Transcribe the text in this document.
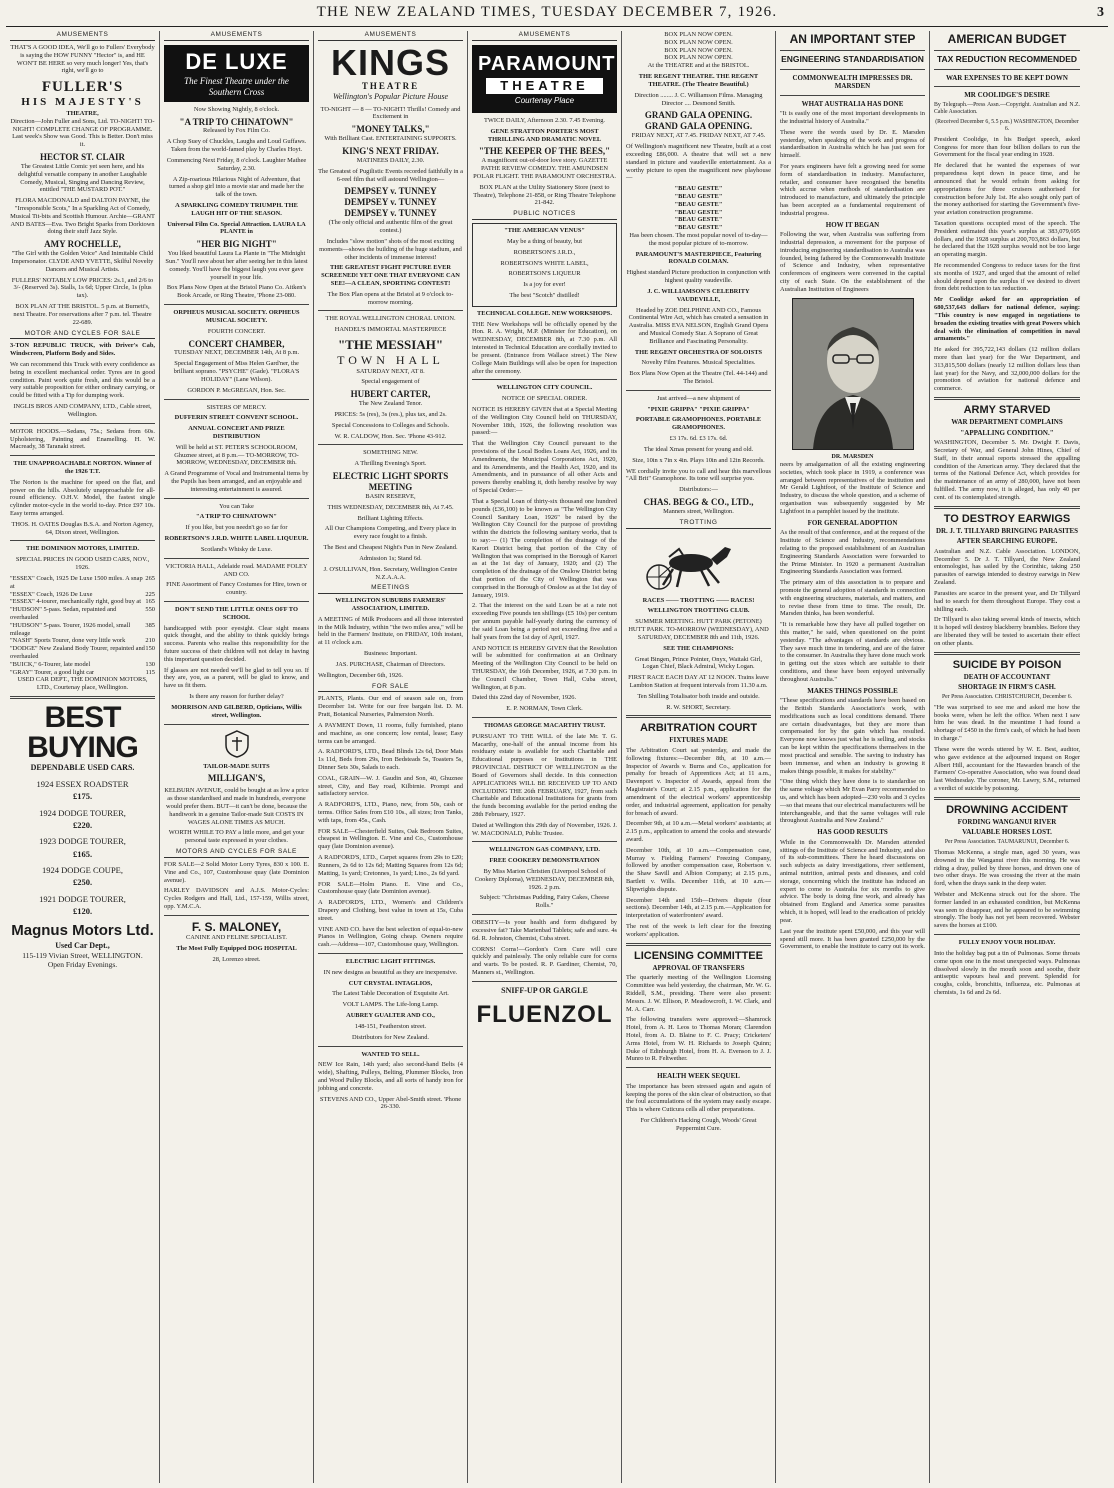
THE NEW ZEALAND TIMES, TUESDAY DECEMBER 7, 1926.	3
AMUSEMENTS

THAT'S A GOOD IDEA, We'll go to Fullers' Everybody is saying the HOW FUNNY "Hector" is, and HE WON'T BE HERE so very much longer! Yes, that's right, we'll go to

FULLER'S
HIS MAJESTY'S
THEATRE,

Direction—John Fuller and Sons, Ltd. TO-NIGHT! TO-NIGHT! COMPLETE CHANGE OF PROGRAMME. Last week's Show was Good. This is Better. Don't miss it.

HECTOR ST. CLAIR

The Greatest Little Comic yet seen here, and his delightful versatile company in another Laughable Comedy, Musical, Singing and Dancing Review, entitled "THE MUSTARD POT."

FLORA MACDONALD and DALTON PAYNE, the "Irresponsible Scots," In a Sparkling Act of Comedy, Musical Tit-bits and Scottish Humour. Archie—GRANT AND BATES—Eva. Two Bright Sparks from Dorktown doing their stuff Jazz Style.

AMY ROCHELLE,

"The Girl with the Golden Voice" And Inimitable Child Impersonator. CLYDE AND YVETTE, Skilful Novelty Dancers and Musical Artists.

FULLERS' NOTABLY LOW PRICES: 2s.1, and 2/6 to 3/- (Reserved 3s). Stalls, 1s 6d; Upper Circle, 1s (plus tax).

BOX PLAN AT THE BRISTOL. 5 p.m. at Burnett's, next Theatre. For reservations after 7 p.m. tel. Theatre 22-689.

MOTOR AND CYCLES FOR SALE

3-TON REPUBLIC TRUCK, with Driver's Cab, Windscreen, Platform Body and Sides.

We can recommend this Truck with every confidence as being in excellent mechanical order. Tyres are in good condition. Paint work quite fresh, and this would be a very suitable proposition for either ordinary carrying, or could be fitted with a Tip for dumping work.

INGLIS BROS AND COMPANY, LTD., Cable street, Wellington.

MOTOR HOODS.—Sedans, 75s.; Sedans from 60s. Upholstering, Painting and Enamelling. H. W. Macready, 38 Taranaki street.

THE UNAPPROACHABLE NORTON. Winner of the 1926 T.T.

The Norton is the machine for speed on the flat, and power on the hills. Absolutely unapproachable for all-round efficiency. O.H.V. Model, the fastest single cylinder motor-cycle in the world to-day. Price £97 10s. Easy terms arranged.

THOS. H. OATES Douglas B.S.A. and Norton Agency, 64, Dixon street, Wellington.

THE DOMINION MOTORS, LIMITED.

SPECIAL PRICES IN GOOD USED CARS, NOV., 1926.

"ESSEX" Coach, 1925 De Luxe 1500 miles. A snap at
265
"ESSEX" Coach, 1926 De Luxe	225
"ESSEX" 4-tourer, mechanically right, good buy at 165
"HUDSON" 5-pass. Sedan, repainted and overhauled
550
"HUDSON" 5-pass. Tourer, 1926 model, small mileage
385
"NASH" Sports Tourer, done very little work	210
"DODGE" New Zealand Body Tourer, repainted and overhauled
150
"BUICK," 6-Tourer, late model	130
"GRAY" Tourer, a good light car	115

USED CAR DEPT., THE DOMINION MOTORS, LTD., Courtenay place, Wellington.

BEST BUYING
DEPENDABLE USED CARS.
1924 ESSEX ROADSTER
£175.
1924 DODGE TOURER,
£220.
1923 DODGE TOURER,
£165.
1924 DODGE COUPE,
£250.
1921 DODGE TOURER,
£120.
Magnus Motors Ltd.
Used Car Dept.,
115-119 Vivian Street, WELLINGTON.
Open Friday Evenings.
AMUSEMENTS
DE LUXE
The Finest Theatre under the Southern Cross

Now Showing Nightly, 8 o'clock.

"A TRIP TO CHINATOWN"

Released by Fox Film Co.

A Chop Suey of Chuckles, Laughs and Loud Guffaws. Taken from the world-famed play by Charles Hoyt.

Commencing Next Friday, 8 o'clock. Laughter Mathee Saturday, 2.30.

A Zip-roarious Hilarious Night of Adventure, that turned a shop girl into a movie star and made her the talk of the town.

A SPARKLING COMEDY TRIUMPH. THE LAUGH HIT OF THE SEASON.

Universal Film Co. Special Attraction. LAURA LA PLANTE in

"HER BIG NIGHT"

You liked beautiful Laura La Plante in "The Midnight Sun." You'll rave about her after seeing her in this latest comedy. You'll have the biggest laugh you ever gave yourself in your life.

Box Plans Now Open at the Bristol Piano Co. Aitken's Book Arcade, or Ring Theatre, 'Phone 23-080.

ORPHEUS MUSICAL SOCIETY. ORPHEUS MUSICAL SOCIETY.

FOURTH CONCERT.

CONCERT CHAMBER,

TUESDAY NEXT, DECEMBER 14th, At 8 p.m.

Special Engagement of Miss Helen Gard'ner, the brilliant soprano. "PSYCHE" (Gade). "FLORA'S HOLIDAY" (Lane Wilson).

GORDON P. McGREGAN, Hon. Sec.

SISTERS OF MERCY.

DUFFERIN STREET CONVENT SCHOOL.

ANNUAL CONCERT AND PRIZE DISTRIBUTION

Will be held at ST. PETER'S SCHOOLROOM, Ghuznee street, at 8 p.m.— TO-MORROW, TO-MORROW, WEDNESDAY, DECEMBER 8th.

A Grand Programme of Vocal and Instrumental items by the Pupils has been arranged, and an enjoyable and interesting entertainment is assured.

You can Take

"A TRIP TO CHINATOWN"

If you like, but you needn't go so far for

ROBERTSON'S J.R.D. WHITE LABEL LIQUEUR.

Scotland's Whisky de Luxe.

VICTORIA HALL, Adelaide road. MADAME FOLEY AND CO.

FINE Assortment of Fancy Costumes for Hire, town or country.

DON'T SEND THE LITTLE ONES OFF TO SCHOOL

handicapped with poor eyesight. Clear sight means quick thought, and the ability to think quickly brings success. Parents who realise this responsibility for the future success of their children will not delay in having this important question decided.

If glasses are not needed we'll be glad to tell you so. If they are, you, as a parent, will be glad to know, and have us fit them.

Is there any reason for further delay?

MORRISON AND GILBERD, Opticians, Willis street, Wellington.

TAILOR-MADE SUITS

MILLIGAN'S,

KELBURN AVENUE, could be bought at as low a price as those standardised and made in hundreds, everyone would prefer them. BUT—it can't be done, because the handiwork in a genuine Tailor-made Suit COSTS IN WAGES ALONE TIMES AS MUCH.

WORTH WHILE TO PAY a little more, and get your personal taste expressed in your clothes.

MOTORS AND CYCLES FOR SALE

FOR SALE—2 Solid Motor Lorry Tyres, 830 x 100. E. Vine and Co., 107, Customhouse quay (late Dominion avenue).

HARLEY DAVIDSON and A.J.S. Motor-Cycles: Cycles Rodgers and Hall, Ltd., 157-159, Willis street, opp. Y.M.C.A.

F. S. MALONEY,

CANINE AND FELINE SPECIALIST.

The Most Fully Equipped DOG HOSPITAL

28, Lorenzo street.

AMUSEMENTS
KINGS
THEATRE
Wellington's Popular Picture House

TO-NIGHT — 8 — TO-NIGHT! Thrills! Comedy and Excitement in

"MONEY TALKS,"

With Brilliant Cast. ENTERTAINING SUPPORTS.

KING'S NEXT FRIDAY.

MATINEES DAILY, 2.30.

The Greatest of Pugilistic Events recorded faithfully in a 6-reel film that will astound Wellington—

DEMPSEY v. TUNNEY
DEMPSEY v. TUNNEY
DEMPSEY v. TUNNEY

(The only official and authentic film of the great contest.)

Includes "slow motion" shots of the most exciting moments—shows the building of the huge stadium, and other incidents of immense interest!

THE GREATEST FIGHT PICTURE EVER SCREENED! YET ONE THAT EVERYONE CAN SEE!—A CLEAN, SPORTING CONTEST!

The Box Plan opens at the Bristol at 9 o'clock to-morrow morning.

THE ROYAL WELLINGTON CHORAL UNION.

HANDEL'S IMMORTAL MASTERPIECE

"THE MESSIAH"
TOWN HALL

SATURDAY NEXT, AT 8.

Special engagement of

HUBERT CARTER,

The New Zealand Tenor.

PRICES: 5s (res), 3s (res.), plus tax, and 2s.

Special Concessions to Colleges and Schools.

W. R. CALDOW, Hon. Sec. 'Phone 43-912.

SOMETHING NEW.

A Thrilling Evening's Sport.

ELECTRIC LIGHT SPORTS MEETING

BASIN RESERVE,

THIS WEDNESDAY, DECEMBER 8th, At 7.45.

Brilliant Lighting Effects.

All Our Champions Competing, and Every place in every race fought to a finish.

The Best and Cheapest Night's Fun in New Zealand.

Admission 1s; Stand 6d.

J. O'SULLIVAN, Hon. Secretary, Wellington Centre N.Z.A.A.A.

MEETINGS

WELLINGTON SUBURBS FARMERS' ASSOCIATION, LIMITED.

A MEETING of Milk Producers and all those interested in the Milk Industry, within "the two miles area," will be held in the Farmers' Institute, on FRIDAY, 10th instant, at 11 o'clock a.m.

Business: Important.

JAS. PURCHASE, Chairman of Directors.

Wellington, December 6th, 1926.

FOR SALE

PLANTS, Plants. Our end of season sale on, from December 1st. Write for our free bargain list. D. M. Pratt, Botanical Nurseries, Palmerston North.

A PAYMENT Down, 11 rooms, fully furnished, piano and machine, as one concern; low rental, lease; Easy terms can be arranged.

A. RADFORD'S, LTD., Bead Blinds 12s 6d, Door Mats 1s 11d, Beds from 29s, Iron Bedsteads 5s, Toasters 5s, Dinner Sets 30s, Salads to each.

COAL, GRAIN—W. J. Gaudin and Son, 40, Ghuznee street, City, and Bay road, Kilbirnie. Prompt and satisfactory service.

A RADFORD'S, LTD., Piano, new, from 50s, cash or terms. Office Safes from £10 10s., all sizes; Iron Tanks, with taps, from 45s., Cash.

FOR SALE—Chesterfield Suites, Oak Bedroom Suites, cheapest in Wellington. E. Vine and Co., Customhouse quay (late Dominion avenue).

A RADFORD'S, LTD., Carpet squares from 29s to £20; Runners, 2s 6d to 12s 6d; Matting Squares from 12s 6d; Matting, 1s yard; Cretonnes, 1s yard; Lino., 2s 6d yard.

FOR SALE—Holm Piano. E. Vine and Co., Customhouse quay (late Dominion avenue).

A RADFORD'S, LTD., Women's and Children's Drapery and Clothing, best value in town at 15s, Cuba street.

VINE AND CO. have the best selection of equal-to-new Pianos in Wellington, Going cheap. Owners require cash.—Address—107, Customhouse quay, Wellington.

ELECTRIC LIGHT FITTINGS.

IN new designs as beautiful as they are inexpensive.

CUT CRYSTAL INTAGLIOS,

The Latest Table Decoration of Exquisite Art.

VOLT LAMPS. The Life-long Lamp.

AUBREY GUALTER AND CO.,

148-151, Featherston street.

Distributors for New Zealand.

WANTED TO SELL.

NEW Ice Rain, 14th yard; also second-hand Belts (4 wide), Shafting, Pulleys, Belting, Plummer Blocks, Iron and Wood Pulley Blocks, and all sorts of handy iron for jobbing and concrete.

STEVENS AND CO., Upper Abel-Smith street. 'Phone 26-330.

AMUSEMENTS
PARAMOUNT
THEATRE
Courtenay Place

TWICE DAILY, Afternoon 2.30. 7.45 Evening.

GENE STRATTON PORTER'S MOST THRILLING AND DRAMATIC NOVEL

"THE KEEPER OF THE BEES,"

A magnificent out-of-door love story. GAZETTE PATHE REVIEW COMEDY. THE AMUNDSEN POLAR FLIGHT. THE PARAMOUNT ORCHESTRA.

BOX PLAN at the Utility Stationery Store (next to Theatre), Telephone 21-858, or Ring Theatre Telephone 21-842.

PUBLIC NOTICES

"THE AMERICAN VENUS"

May be a thing of beauty, but

ROBERTSON'S J.R.D.,

ROBERTSON'S WHITE LABEL,

ROBERTSON'S LIQUEUR

Is a joy for ever!

The best "Scotch" distilled!

TECHNICAL COLLEGE. NEW WORKSHOPS.

THE New Workshops will be officially opened by the Hon. R. A. Wright, M.P. (Minister for Education), on WEDNESDAY, DECEMBER 8th, at 7.30 p.m. All interested in Technical Education are cordially invited to be present. (Entrance from Wallace street.) The New College Main Buildings will also be open for inspection after the ceremony.

WELLINGTON CITY COUNCIL.

NOTICE OF SPECIAL ORDER.

NOTICE IS HEREBY GIVEN that at a Special Meeting of the Wellington City Council held on THURSDAY, November 18th, 1926, the following resolution was passed:—

That the Wellington City Council pursuant to the provisions of the Local Bodies Loans Act, 1926, and its Amendments, the Municipal Corporations Act, 1920, and its Amendments, and the Health Act, 1920, and its Amendments, and in pursuance of all other Acts and powers thereby enabling it, doth hereby resolve by way of Special Order:—

That a Special Loan of thirty-six thousand one hundred pounds (£36,100) to be known as "The Wellington City Council Sanitary Loan, 1926" be raised by the Wellington City Council for the purpose of providing within the districts the following sanitary works, that is to say:— (1) The completion of the drainage of the Karori District being that portion of the City of Wellington that was comprised in the Borough of Karori as at the 1st day of January, 1920; and (2) The completion of the drainage of the Onslow District being that portion of the City of Wellington that was comprised in the Borough of Onslow as at the 1st day of January, 1919.

2. That the interest on the said Loan be at a rate not exceeding Five pounds ten shillings (£5 10s) per centum per annum payable half-yearly during the currency of the said Loan being a period not exceeding five and a half years from the 1st day of April, 1927.

AND NOTICE IS HEREBY GIVEN that the Resolution will be submitted for confirmation at an Ordinary Meeting of the Wellington City Council to be held on THURSDAY, the 16th December, 1926, at 7.30 p.m. in the Council Chamber, Town Hall, Cuba street, Wellington, at 8 p.m.

Dated this 22nd day of November, 1926.

E. P. NORMAN, Town Clerk.

THOMAS GEORGE MACARTHY TRUST.

PURSUANT TO THE WILL of the late Mr. T. G. Macarthy, one-half of the annual income from his residuary estate is available for such Charitable and Educational purposes or Institutions in THE PROVINCIAL DISTRICT OF WELLINGTON as the Board of Governors shall decide. In this connection APPLICATIONS WILL BE RECEIVED UP TO AND INCLUDING THE 26th FEBRUARY, 1927, from such Charitable and Educational Institutions for grants from the funds becoming available for the period ending the 28th February, 1927.

Dated at Wellington this 29th day of November, 1926. J. W. MACDONALD, Public Trustee.

WELLINGTON GAS COMPANY, LTD.

FREE COOKERY DEMONSTRATION

By Miss Marion Christien (Liverpool School of Cookery Diploma), WEDNESDAY, DECEMBER 8th, 1926. 2 p.m.

Subject: "Christmas Pudding, Fairy Cakes, Cheese Rolls."

OBESITY—Is your health and form disfigured by excessive fat? Take Marienbad Tablets; safe and sure. 4s 6d. R. Johnston, Chemist, Cuba street.

CORNS! Corns!—Gordon's Corn Cure will cure quickly and painlessly. The only reliable cure for corns and warts. To be posted. R. P. Gardiner, Chemist, 70, Manners st., Wellington.

SNIFF-UP OR GARGLE
FLUENZOL
BOX PLAN NOW OPEN.
BOX PLAN NOW OPEN.
BOX PLAN NOW OPEN.
BOX PLAN NOW OPEN.

At the THEATRE and at the BRISTOL.

THE REGENT THEATRE. THE REGENT THEATRE. (The Theatre Beautiful.)

Direction ........ J. C. Williamson Films. Managing Director .... Desmond Smith.

GRAND GALA OPENING.
GRAND GALA OPENING.

FRIDAY NEXT, AT 7.45. FRIDAY NEXT, AT 7.45.

Of Wellington's magnificent new Theatre, built at a cost exceeding £86,000. A theatre that will set a new standard in picture and vaudeville entertainment. As a worthy picture to open the magnificent new playhouse—

"BEAU GESTE"
"BEAU GESTE"
"BEAU GESTE"
"BEAU GESTE"
"BEAU GESTE"
"BEAU GESTE"

Has been chosen. The most popular novel of to-day—the most popular picture of to-morrow.

PARAMOUNT'S MASTERPIECE, Featuring RONALD COLMAN.

Highest standard Picture production in conjunction with highest quality vaudeville.

J. C. WILLIAMSON'S CELEBRITY VAUDEVILLE,

Headed by ZOE DELPHINE AND CO., Famous Continental Wire Act, which has created a sensation in Australia. MISS EVA NELSON, English Grand Opera and Musical Comedy Star. A Soprano of Great Brilliance and Fascinating Personality.

THE REGENT ORCHESTRA OF SOLOISTS

Novelty Film Features. Musical Specialities.

Box Plans Now Open at the Theatre (Tel. 44-144) and The Bristol.

Just arrived—a new shipment of

"PIXIE GRIPPA" "PIXIE GRIPPA"

PORTABLE GRAMOPHONES. PORTABLE GRAMOPHONES.

£3 17s. 6d. £3 17s. 6d.

The ideal Xmas present for young and old.

Size, 10in x 7in x 4in. Plays 10in and 12in Records.

WE cordially invite you to call and hear this marvellous "All Brit" Gramophone. Its tone will surprise you.

Distributors:—

CHAS. BEGG & CO., LTD.,

Manners street, Wellington.

TROTTING

RACES —— TROTTING —— RACES!

WELLINGTON TROTTING CLUB.

SUMMER MEETING. HUTT PARK (PETONE) HUTT PARK. TO-MORROW (WEDNESDAY), AND SATURDAY, DECEMBER 8th and 11th, 1926.

SEE THE CHAMPIONS:

Great Bingen, Prince Pointer, Onyx, Waitaki Girl, Logan Chief, Black Admiral, Wicky Logan.

FIRST RACE EACH DAY AT 12 NOON. Trains leave Lambton Station at frequent intervals from 11.30 a.m.

Ten Shilling Totalisator both inside and outside.

R. W. SHORT, Secretary.

ARBITRATION COURT
FIXTURES MADE

The Arbitration Court sat yesterday, and made the following fixtures:—December 8th, at 10 a.m.—Inspector of Awards v. Burns and Co., application for penalty for breach of Apprentices Act; at 11 a.m., Davenport v. Inspector of Awards, appeal from the Magistrate's Court; at 2.15 p.m., application for the amendment of the electrical workers' apprenticeship order, and industrial agreement, application for penalty for breach of award.

December 9th, at 10 a.m.—Metal workers' assistants; at 2.15 p.m., application to amend the cooks and stewards' award.

December 10th, at 10 a.m.—Compensation case, Murray v. Fielding Farmers' Freezing Company, followed by another compensation case, Robertson v. the Shaw Savill and Albion Company; at 2.15 p.m., Bartlett v. Wills. December 11th, at 10 a.m.—Slipwrights dispute.

December 14th and 15th—Drivers dispute (four sections). December 14th, at 2.15 p.m.—Application for interpretation of waterfronters' award.

The rest of the week is left clear for the freezing workers' application.

LICENSING COMMITTEE
APPROVAL OF TRANSFERS

The quarterly meeting of the Wellington Licensing Committee was held yesterday, the chairman, Mr. W. G. Riddell, S.M., presiding. There were also present: Messrs. J. W. Ellison, P. Meadowcroft, I. W. Clark, and M. A. Carr.

The following transfers were approved:—Shamrock Hotel, from A. H. Leos to Thomas Moran; Clarendon Hotel, from A. D. Blaine to F. C. Pracy; Cricketers' Arms Hotel, from W. H. Richards to Joseph Quinn; Duke of Edinburgh Hotel, from H. A. Evenson to J. J. Munro to R. Feltwether.

HEALTH WEEK SEQUEL

The importance has been stressed again and again of keeping the pores of the skin clear of obstruction, so that the foul accumulations of the system may easily escape. This is where Cuticura cells all other preparations.

For Children's Hacking Cough, Woods' Great Peppermint Cure.

AN IMPORTANT STEP
ENGINEERING STANDARDISATION
COMMONWEALTH IMPRESSES DR. MARSDEN
WHAT AUSTRALIA HAS DONE

"It is easily one of the most important developments in the industrial history of Australia."

These were the words used by Dr. E. Marsden yesterday, when speaking of the work and progress of standardisation in Australia which he has just seen for himself.

For years engineers have felt a growing need for some form of standardisation in industry. Manufacturer, retailer, and consumer have recognised the benefits which accrue when methods of standardisation are introduced to manufacture, and ultimately the principle has been accepted as a fundamental requirement of industrial progress.

HOW IT BEGAN

Following the war, when Australia was suffering from industrial depression, a movement for the purpose of introducing engineering standardisation to Australia was founded, being fathered by the Commonwealth Institute of Science and Industry, when representative conferences of engineers were convened in the capital city of each State. On the establishment of the Australian Institution of Engineers

DR. MARSDEN

neers by amalgamation of all the existing engineering societies, which took place in 1919, a conference was arranged between representatives of the institution and Mr Gerald Lightfoot, of the Institute of Science and Industry, to discuss the whole question, and a scheme of organisation was subsequently suggested by Mr Lightfoot in a pamphlet issued by the institute.

FOR GENERAL ADOPTION

As the result of that conference, and at the request of the Institute of Science and Industry, recommendations relating to the proposed establishment of an Australian Engineering Standards Association were forwarded to the Prime Minister. In 1920 a permanent Australian Engineering Standards Association was formed.

The primary aim of this association is to prepare and promote the general adoption of standards in connection with engineering structures, materials, and matters, and to revise these from time to time. The result, Dr. Marsden thinks, has been wonderful.

"It is remarkable how they have all pulled together on this matter," he said, when questioned on the point yesterday. "The advantages of standards are obvious. They save much time in tendering, and are of the fairer to the consumer. In Australia they have done much work in getting out the sizes which are suitable to their conditions, and these have been enjoyed universally throughout Australia."

MAKES THINGS POSSIBLE

"These specifications and standards have been based on the British Standards Association's work, with modifications such as local conditions demand. There are certain disadvantages, but they are more than compensated for by the gain which has resulted. Everyone now knows just what he is selling, and stocks can be kept within the specifications themselves in the most practical and sensible. The saving to industry has been immense, and when an industry is growing it makes things possible, it makes for stability."

"One thing which they have done is to standardise on the same voltage which Mr Evan Parry recommended to us, and which has been adopted—230 volts and 3 cycles—so that means that our electrical manufacturers will be interchangeable, and that the same voltages will rule throughout Australia and New Zealand."

HAS GOOD RESULTS

While in the Commonwealth Dr. Marsden attended sittings of the Institute of Science and Industry, and also of its sub-committees. There he heard discussions on such subjects as dairy investigations, river settlement, animal nutrition, animal pests and diseases, and cold storage, concerning which the institute has induced an expert to come to Australia for six months to give advice. The body is doing fine work, and already has obtained from England and America some parasites which, it is hoped, will lead to the eradication of prickly pear.

Last year the institute spent £50,000, and this year will spend still more. It has been granted £250,000 by the Government, to enable the institute to carry out its work.

AMERICAN BUDGET
TAX REDUCTION RECOMMENDED
WAR EXPENSES TO BE KEPT DOWN
MR COOLIDGE'S DESIRE

By Telegraph.—Press Assn.—Copyright. Australian and N.Z. Cable Association.

(Received December 6, 5.5 p.m.) WASHINGTON, December 6.

President Coolidge, in his Budget speech, asked Congress for more than four billion dollars to run the Government for the fiscal year ending in 1928.

He declared that he wanted the expenses of war preparedness kept down in peace time, and he announced that he would refrain from asking for appropriations for three cruisers authorised for construction before July 1st. He also sought only part of the money authorised for starting the Government's five-year aviation construction programme.

Taxation questions occupied most of the speech. The President estimated this year's surplus at 383,079,695 dollars, and the 1928 surplus at 200,703,863 dollars, but he declared that the 1928 surplus would not be too large an operating margin.

He recommended Congress to reduce taxes for the first six months of 1927, and urged that the amount of relief should depend upon the surplus if we desired to divert from debt reduction to tax reduction.

Mr Coolidge asked for an appropriation of 680,537,643 dollars for national defence, saying: "This country is now engaged in negotiations to broaden the existing treaties with great Powers which deal with the elimination of competition in naval armaments."

He asked for 395,722,143 dollars (12 million dollars more than last year) for the War Department, and 313,815,500 dollars (nearly 12 million dollars less than last year) for the Navy, and 32,000,000 dollars for the promotion of aviation for national defence and commerce.

ARMY STARVED
WAR DEPARTMENT COMPLAINS
"APPALLING CONDITION."

WASHINGTON, December 5. Mr. Dwight F. Davis, Secretary of War, and General John Hines, Chief of Staff, in their annual reports stressed the appalling condition of the American army. They declared that the terms of the National Defence Act, which provides for the maintenance of an army of 280,000, have not been fulfilled. The army now, it is alleged, has only 40 per cent. of its contemplated strength.

TO DESTROY EARWIGS
DR. J. T. TILLYARD BRINGING PARASITES
AFTER SEARCHING EUROPE.

Australian and N.Z. Cable Association. LONDON, December 5. Dr J. T. Tillyard, the New Zealand entomologist, has sailed by the Corinthic, taking 250 parasites of earwigs intended to destroy earwigs in New Zealand.

Parasites are scarce in the present year, and Dr Tillyard had to search for them throughout Europe. They cost a shilling each.

Dr Tillyard is also taking several kinds of insects, which it is hoped will destroy blackberry brambles. Before they are liberated they will be tested to ascertain their effect on other plants.

SUICIDE BY POISON
DEATH OF ACCOUNTANT
SHORTAGE IN FIRM'S CASH.

Per Press Association. CHRISTCHURCH, December 6.

"He was surprised to see me and asked me how the books were, when he left the office. When next I saw him he was dead. In the meantime I had found a shortage of £450 in the firm's cash, of which he had been in charge."

These were the words uttered by W. E. Best, auditor, who gave evidence at the adjourned inquest on Roger Albert Hill, accountant for the Hawarden branch of the Farmers' Co-operative Association, who was found dead last Wednesday. The coroner, Mr. Lawry, S.M., returned a verdict of suicide by poisoning.

DROWNING ACCIDENT
FORDING WANGANUI RIVER
VALUABLE HORSES LOST.

Per Press Association. TAUMARUNUI, December 6.

Thomas McKenna, a single man, aged 30 years, was drowned in the Wanganui river this morning. He was riding a dray, pulled by three horses, and driven one of two other drays. He was crossing the river at the main ford, when the drays sank in the deep water.

Webster and McKenna struck out for the shore. The former landed in an exhausted condition, but McKenna was seen to disappear, and he appeared to be swimming strongly. The body has not yet been recovered. Webster saves the horses at £100.

FULLY ENJOY YOUR HOLIDAY.

Into the holiday bag put a tin of Pulmonas. Some throats come upon one in the most unexpected ways. Pulmonas dissolved slowly in the mouth soon and soothe, their antiseptic vapours heal and prevent. Splendid for coughs, colds, bronchitis, influenza, etc. Pulmonas at chemists, 1s 6d and 2s 6d.
